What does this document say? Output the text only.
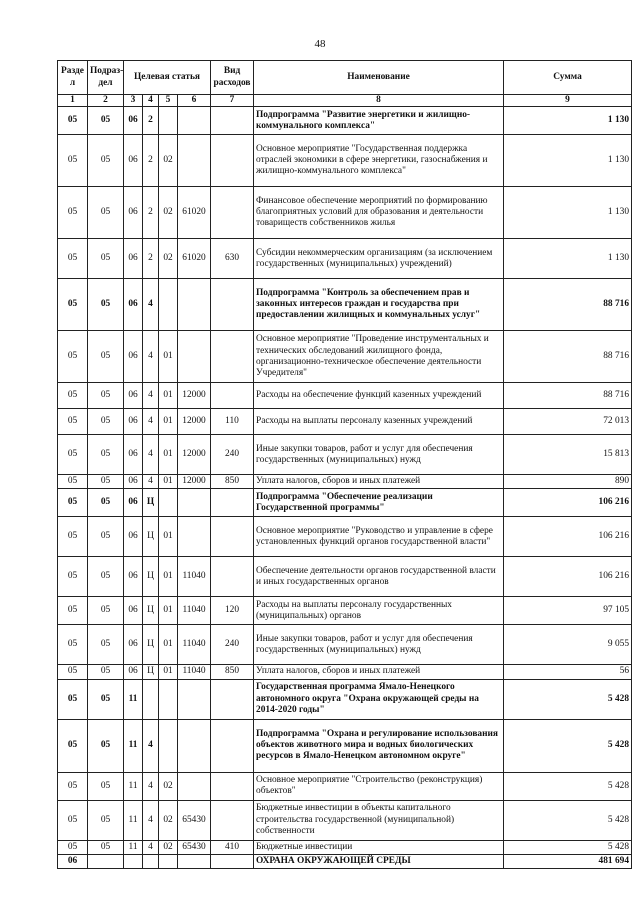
48
Разде л	Подраз-дел	Целевая статья				Вид расходов	Наименование	Сумма
1	2	3	4	5	6	7	8	9
05	05	06	2				Подпрограмма "Развитие энергетики и жилищно-коммунального комплекса"	1 130
05	05	06	2	02			Основное мероприятие "Государственная поддержка отраслей экономики в сфере энергетики, газоснабжения и жилищно-коммунального комплекса"	1 130
05	05	06	2	02	61020		Финансовое обеспечение мероприятий по формированию благоприятных условий для образования и деятельности товариществ собственников жилья	1 130
05	05	06	2	02	61020	630	Субсидии некоммерческим организациям (за исключением государственных (муниципальных) учреждений)	1 130
05	05	06	4				Подпрограмма "Контроль за обеспечением прав и законных интересов граждан и государства при предоставлении жилищных и коммунальных услуг"	88 716
05	05	06	4	01			Основное мероприятие "Проведение инструментальных и технических обследований жилищного фонда, организационно-техническое обеспечение деятельности Учредителя"	88 716
05	05	06	4	01	12000		Расходы на обеспечение функций казенных учреждений	88 716
05	05	06	4	01	12000	110	Расходы на выплаты персоналу казенных учреждений	72 013
05	05	06	4	01	12000	240	Иные закупки товаров, работ и услуг для обеспечения государственных (муниципальных) нужд	15 813
05	05	06	4	01	12000	850	Уплата налогов, сборов и иных платежей	890
05	05	06	Ц				Подпрограмма "Обеспечение реализации Государственной программы"	106 216
05	05	06	Ц	01			Основное мероприятие "Руководство и управление в сфере установленных функций органов государственной власти"	106 216
05	05	06	Ц	01	11040		Обеспечение деятельности органов государственной власти и иных государственных органов	106 216
05	05	06	Ц	01	11040	120	Расходы на выплаты персоналу государственных (муниципальных) органов	97 105
05	05	06	Ц	01	11040	240	Иные закупки товаров, работ и услуг для обеспечения государственных (муниципальных) нужд	9 055
05	05	06	Ц	01	11040	850	Уплата налогов, сборов и иных платежей	56
05	05	11					Государственная программа Ямало-Ненецкого автономного округа "Охрана окружающей среды на 2014-2020 годы"	5 428
05	05	11	4				Подпрограмма "Охрана и регулирование использования объектов животного мира и водных биологических ресурсов в Ямало-Ненецком автономном округе"	5 428
05	05	11	4	02			Основное мероприятие "Строительство (реконструкция) объектов"	5 428
05	05	11	4	02	65430		Бюджетные инвестиции в объекты капитального строительства государственной (муниципальной) собственности	5 428
05	05	11	4	02	65430	410	Бюджетные инвестиции	5 428
06							ОХРАНА ОКРУЖАЮЩЕЙ СРЕДЫ	481 694
